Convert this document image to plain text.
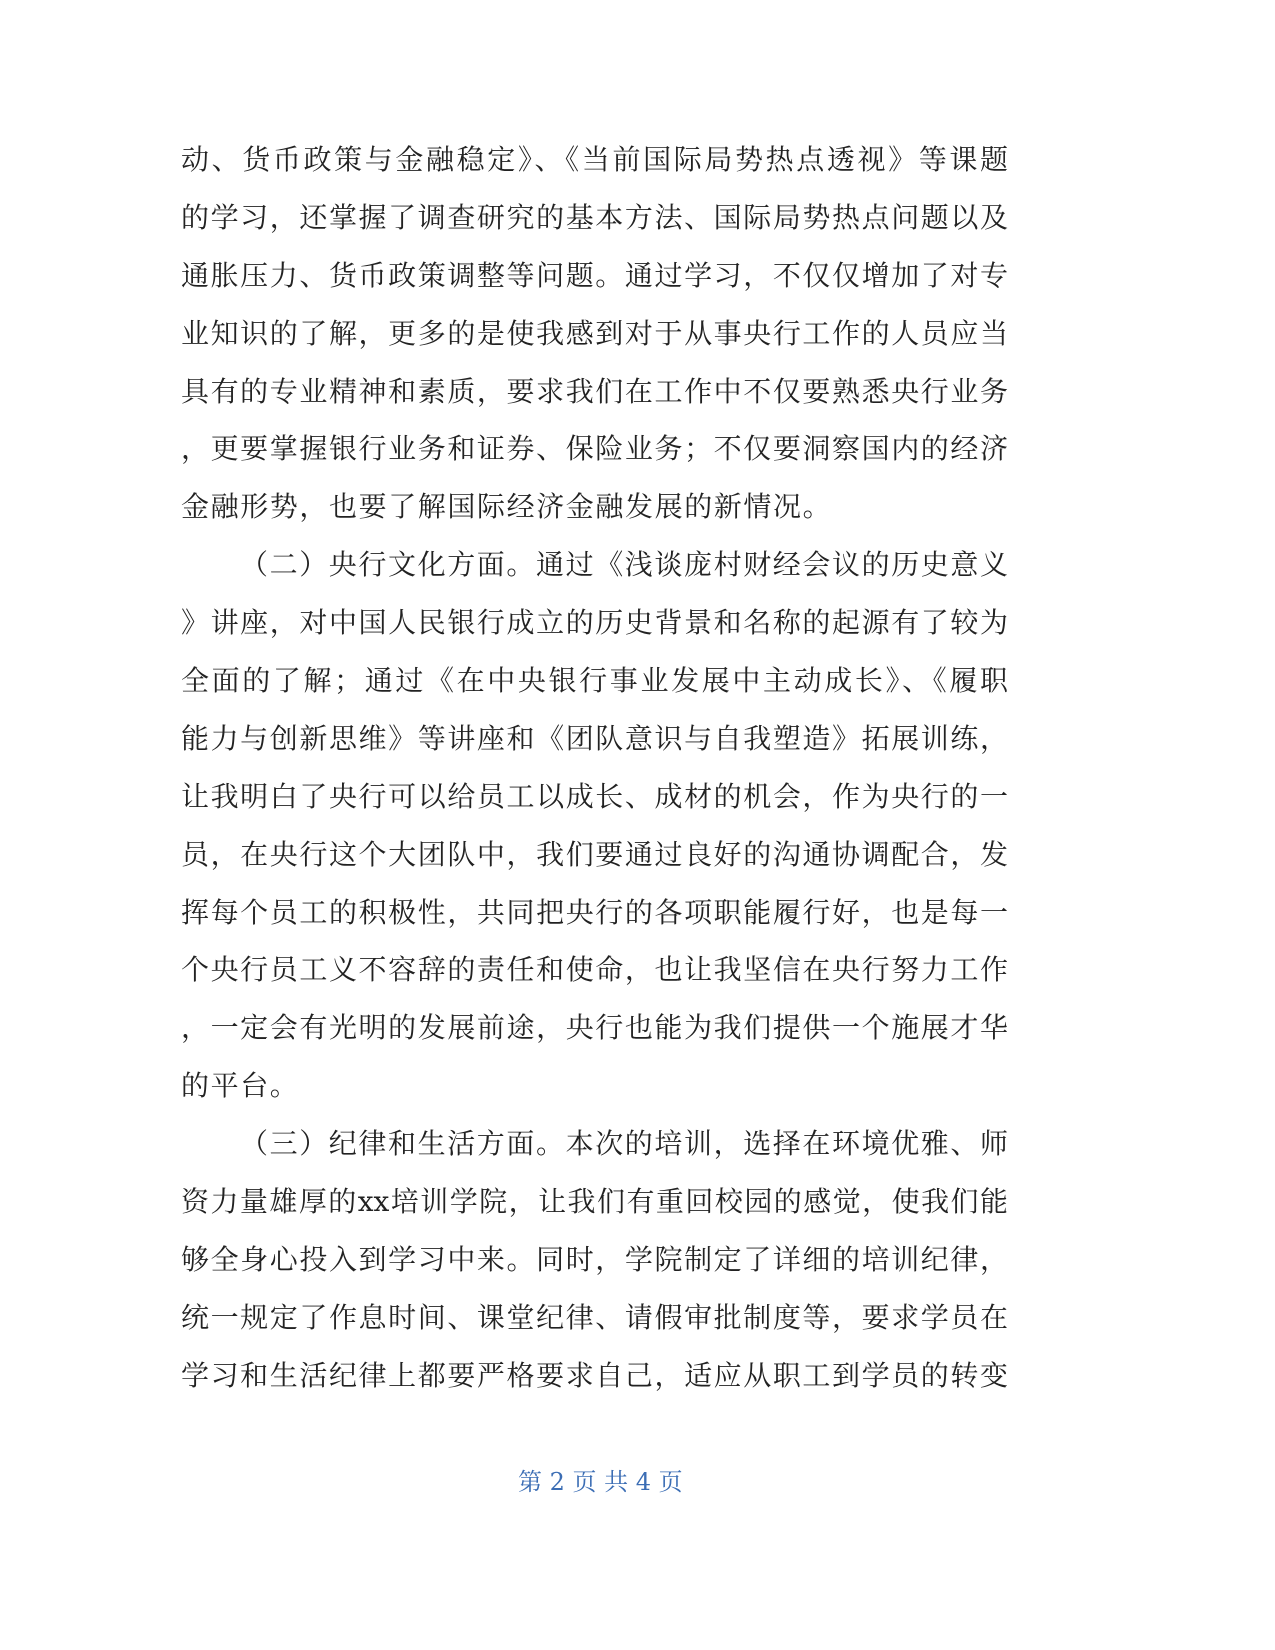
动、货币政策与金融稳定》、《当前国际局势热点透视》等课题
的学习，还掌握了调查研究的基本方法、国际局势热点问题以及
通胀压力、货币政策调整等问题。通过学习，不仅仅增加了对专
业知识的了解，更多的是使我感到对于从事央行工作的人员应当
具有的专业精神和素质，要求我们在工作中不仅要熟悉央行业务
，更要掌握银行业务和证券、保险业务；不仅要洞察国内的经济
金融形势，也要了解国际经济金融发展的新情况。
（二）央行文化方面。通过《浅谈庞村财经会议的历史意义
》讲座，对中国人民银行成立的历史背景和名称的起源有了较为
全面的了解；通过《在中央银行事业发展中主动成长》、《履职
能力与创新思维》等讲座和《团队意识与自我塑造》拓展训练，
让我明白了央行可以给员工以成长、成材的机会，作为央行的一
员，在央行这个大团队中，我们要通过良好的沟通协调配合，发
挥每个员工的积极性，共同把央行的各项职能履行好，也是每一
个央行员工义不容辞的责任和使命，也让我坚信在央行努力工作
，一定会有光明的发展前途，央行也能为我们提供一个施展才华
的平台。
（三）纪律和生活方面。本次的培训，选择在环境优雅、师
资力量雄厚的xx培训学院，让我们有重回校园的感觉，使我们能
够全身心投入到学习中来。同时，学院制定了详细的培训纪律，
统一规定了作息时间、课堂纪律、请假审批制度等，要求学员在
学习和生活纪律上都要严格要求自己，适应从职工到学员的转变
第 2 页 共 4 页
